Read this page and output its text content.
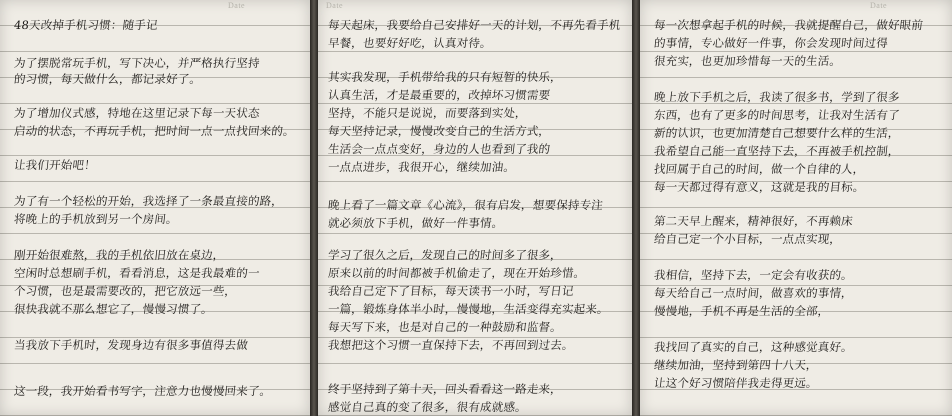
Date
48天改掉手机习惯：随手记
为了摆脱常玩手机，写下决心，并严格执行坚持
的习惯，每天做什么，都记录好了。
为了增加仪式感，特地在这里记录下每一天状态
启动的状态，不再玩手机，把时间一点一点找回来的。
让我们开始吧！
为了有一个轻松的开始，我选择了一条最直接的路，
将晚上的手机放到另一个房间。
刚开始很难熬，我的手机依旧放在桌边，
空闲时总想刷手机，看看消息，这是我最难的一
个习惯，也是最需要改的，把它放远一些，
很快我就不那么想它了，慢慢习惯了。
当我放下手机时，发现身边有很多事值得去做
这一段，我开始看书写字，注意力也慢慢回来了。
Date
每天起床，我要给自己安排好一天的计划，不再先看手机
早餐，也要好好吃，认真对待。
其实我发现，手机带给我的只有短暂的快乐，
认真生活，才是最重要的，改掉坏习惯需要
坚持，不能只是说说，而要落到实处，
每天坚持记录，慢慢改变自己的生活方式，
生活会一点点变好，身边的人也看到了我的
一点点进步，我很开心，继续加油。
晚上看了一篇文章《心流》，很有启发，想要保持专注
就必须放下手机，做好一件事情。
学习了很久之后，发现自己的时间多了很多，
原来以前的时间都被手机偷走了，现在开始珍惜。
我给自己定下了目标，每天读书一小时，写日记
一篇，锻炼身体半小时，慢慢地，生活变得充实起来。
每天写下来，也是对自己的一种鼓励和监督。
我想把这个习惯一直保持下去，不再回到过去。
终于坚持到了第十天，回头看看这一路走来，
感觉自己真的变了很多，很有成就感。
Date
每一次想拿起手机的时候，我就提醒自己，做好眼前
的事情，专心做好一件事，你会发现时间过得
很充实，也更加珍惜每一天的生活。
晚上放下手机之后，我读了很多书，学到了很多
东西，也有了更多的时间思考，让我对生活有了
新的认识，也更加清楚自己想要什么样的生活，
我希望自己能一直坚持下去，不再被手机控制，
找回属于自己的时间，做一个自律的人，
每一天都过得有意义，这就是我的目标。
第二天早上醒来，精神很好，不再赖床
给自己定一个小目标，一点点实现，
我相信，坚持下去，一定会有收获的。
每天给自己一点时间，做喜欢的事情，
慢慢地，手机不再是生活的全部，
我找回了真实的自己，这种感觉真好。
继续加油，坚持到第四十八天，
让这个好习惯陪伴我走得更远。
